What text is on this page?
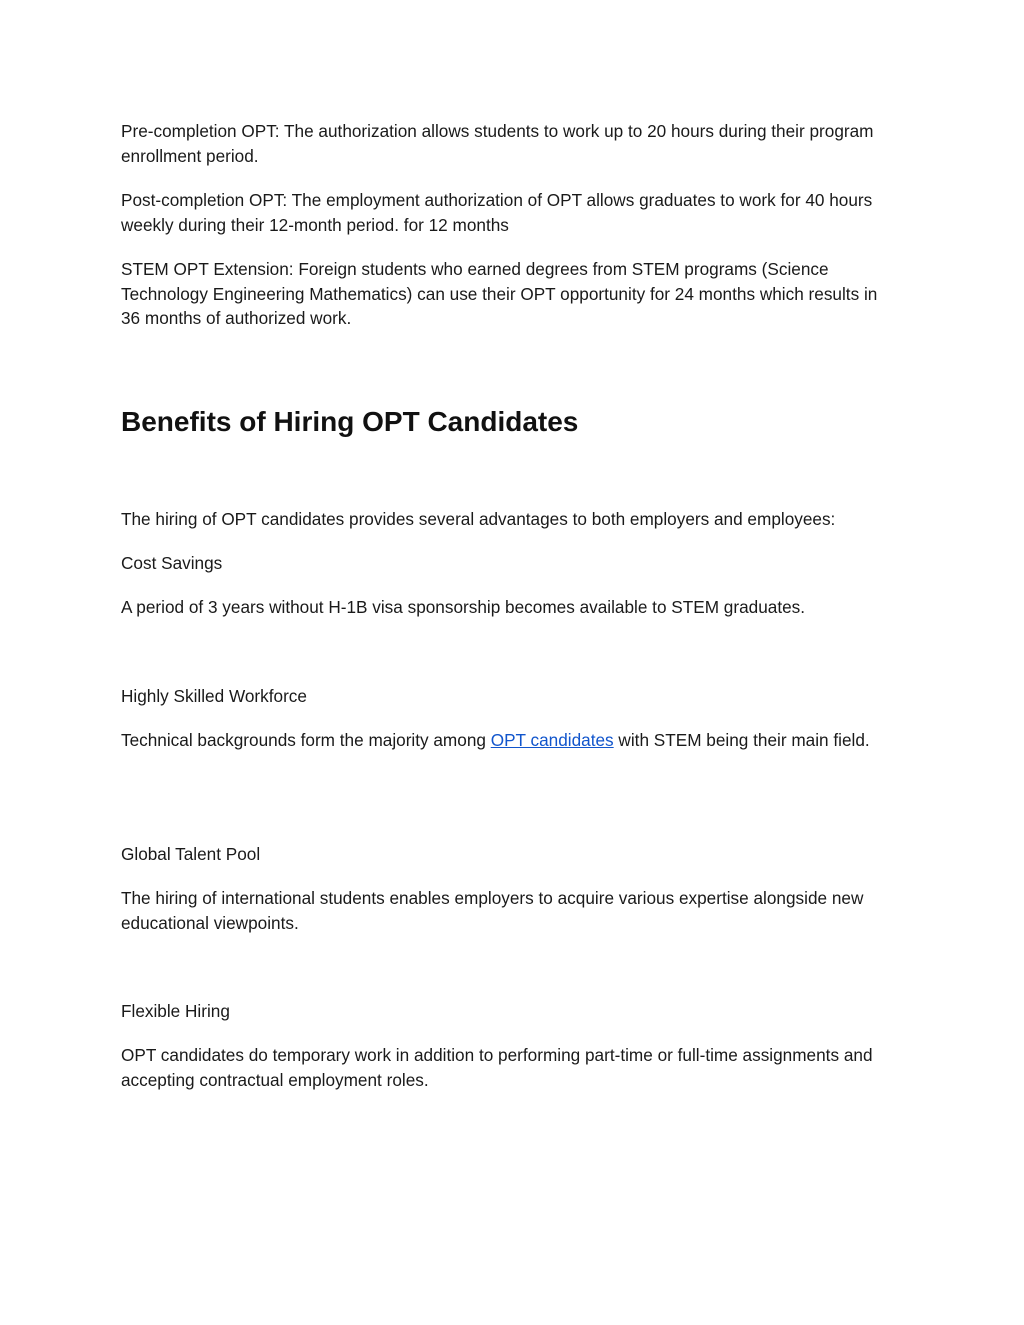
Pre-completion OPT: The authorization allows students to work up to 20 hours during their program enrollment period.

Post-completion OPT: The employment authorization of OPT allows graduates to work for 40 hours weekly during their 12-month period. for 12 months

STEM OPT Extension: Foreign students who earned degrees from STEM programs (Science Technology Engineering Mathematics) can use their OPT opportunity for 24 months which results in 36 months of authorized work.

Benefits of Hiring OPT Candidates

The hiring of OPT candidates provides several advantages to both employers and employees:

Cost Savings

A period of 3 years without H-1B visa sponsorship becomes available to STEM graduates.

Highly Skilled Workforce

Technical backgrounds form the majority among OPT candidates with STEM being their main field.

Global Talent Pool

The hiring of international students enables employers to acquire various expertise alongside new educational viewpoints.

Flexible Hiring

OPT candidates do temporary work in addition to performing part-time or full-time assignments and accepting contractual employment roles.
